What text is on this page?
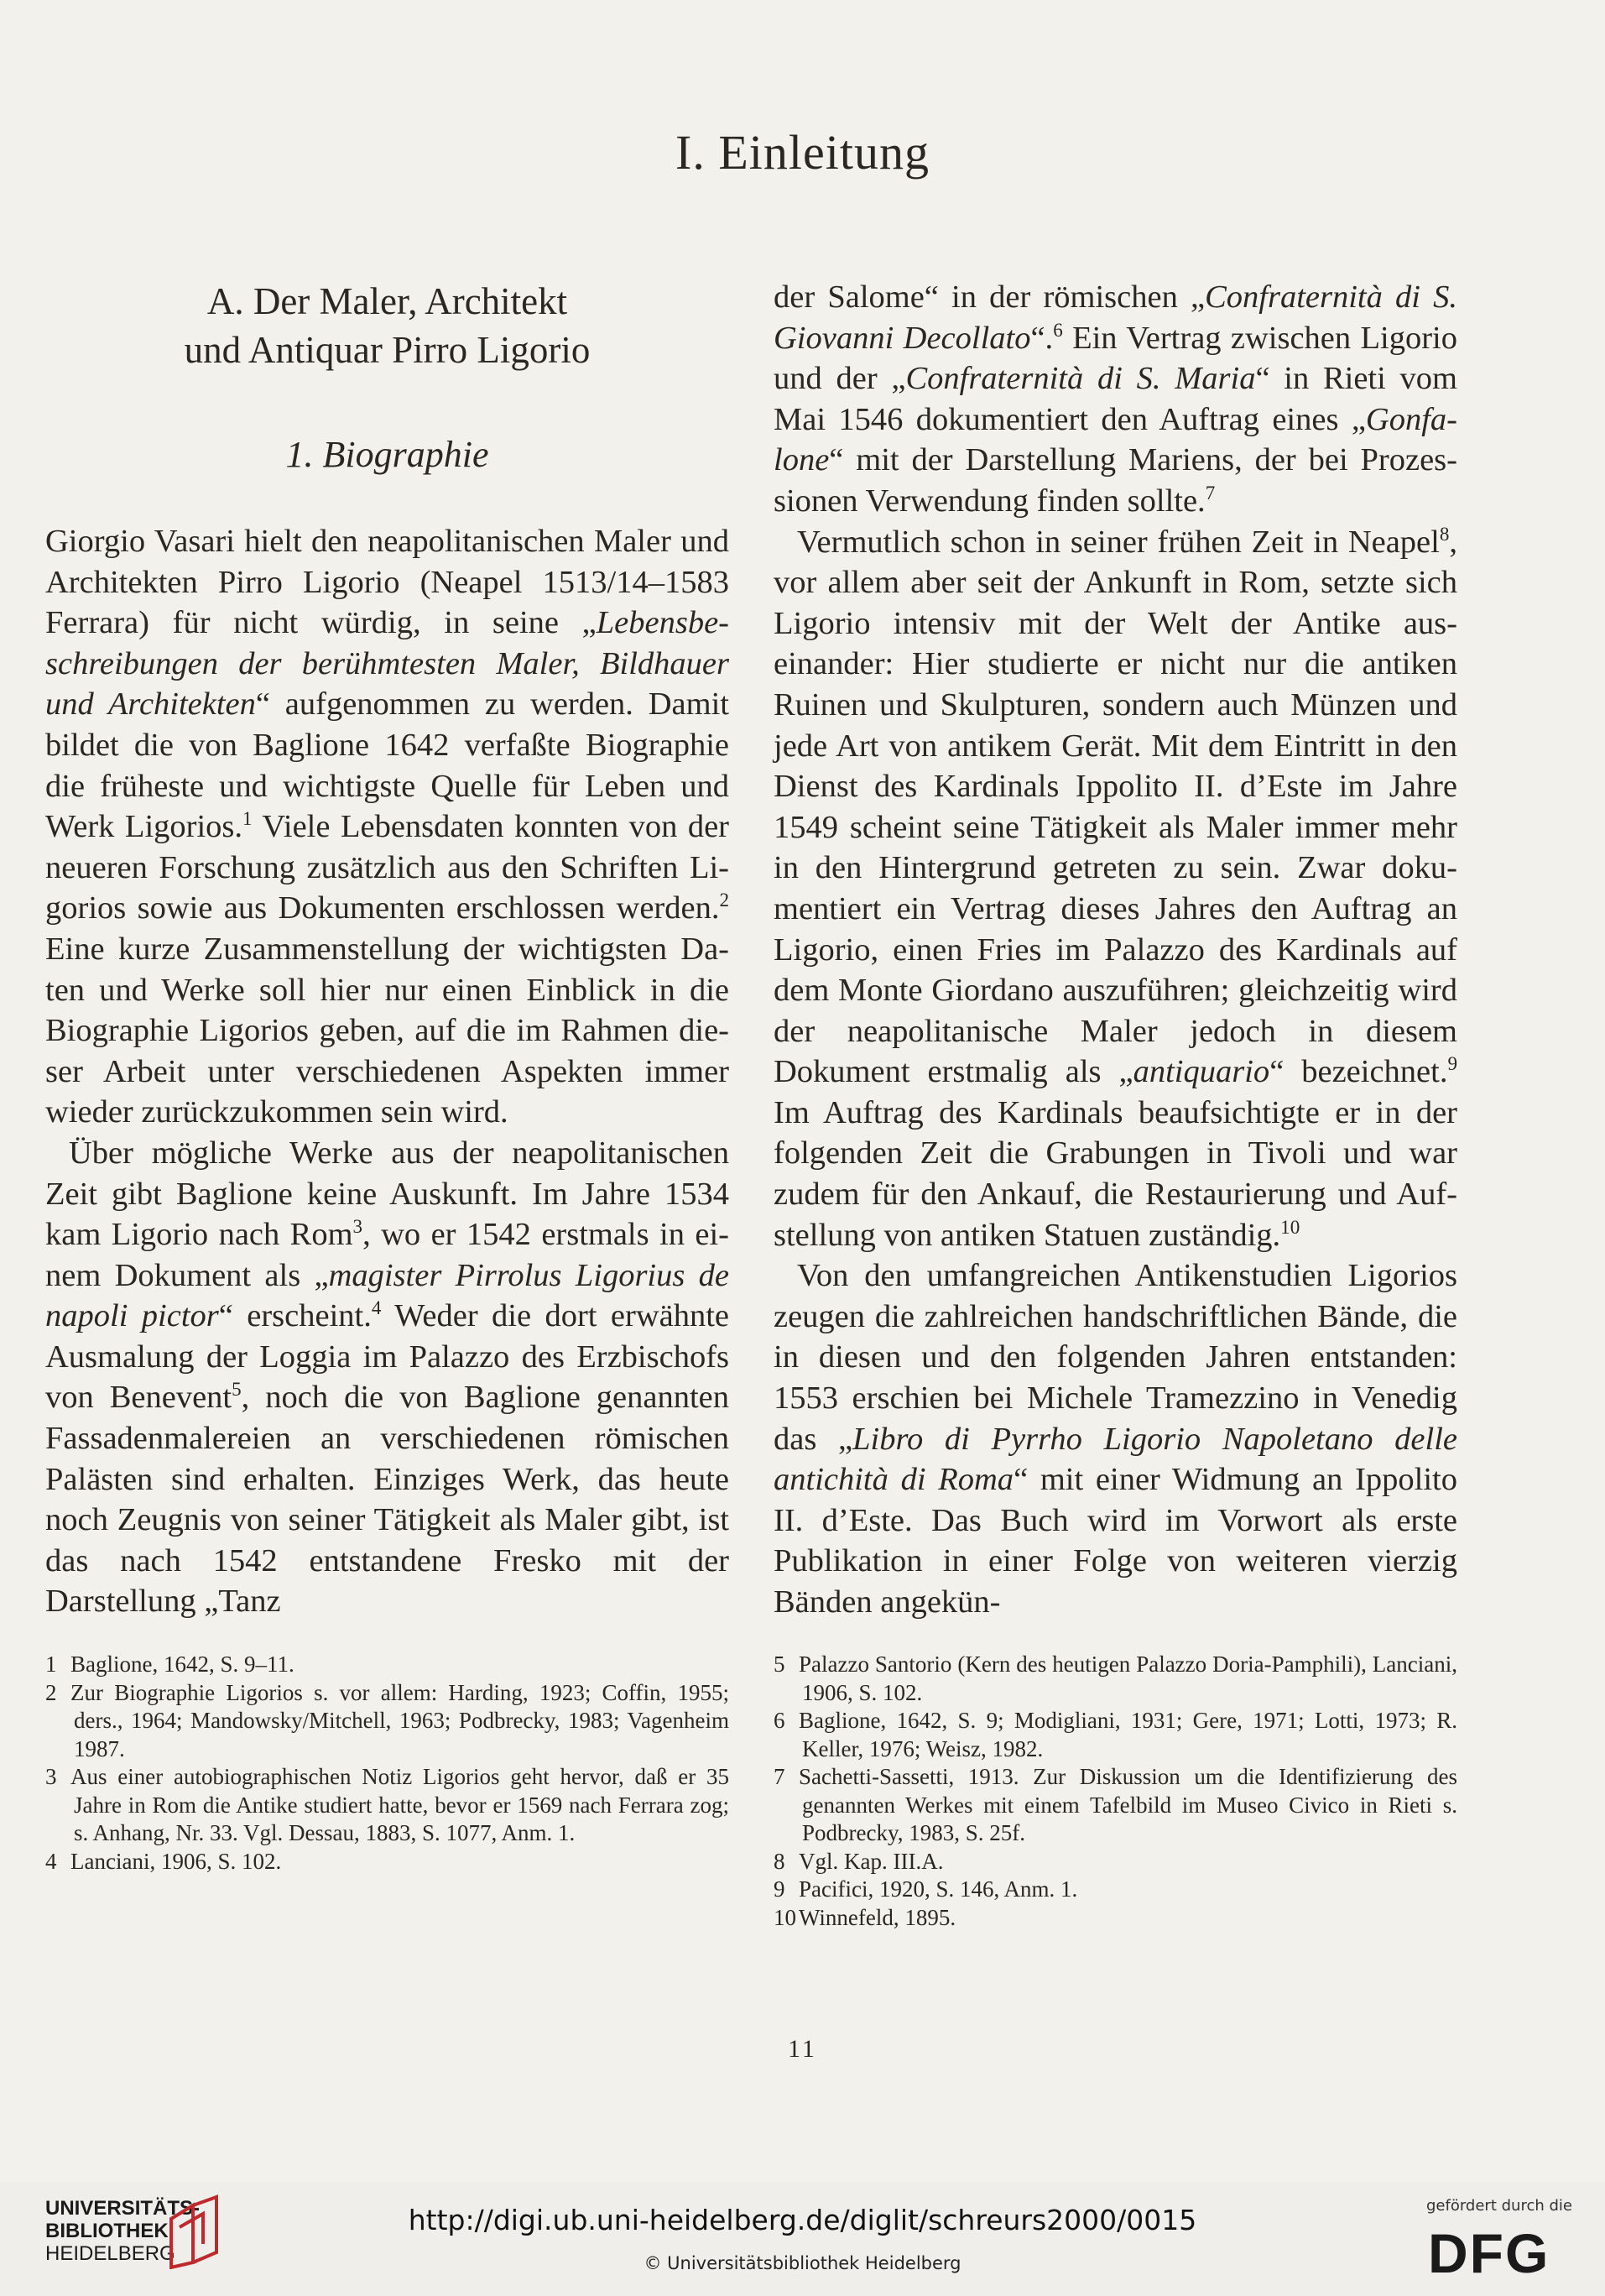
I. Einleitung

A. Der Maler, Architekt

und Antiquar Pirro Ligorio

1. Biographie

Giorgio Vasari hielt den neapolitanischen Maler und Architekten Pirro Ligorio (Neapel 1513/14–1583 Ferrara) für nicht würdig, in seine „Lebensbeschreibungen der berühmtesten Maler, Bildhauer und Architekten“ aufgenommen zu werden. Damit bildet die von Baglione 1642 verfaßte Biographie die früheste und wichtigste Quelle für Leben und Werk Ligorios.$^1$ Viele Lebensdaten konnten von der neueren Forschung zusätzlich aus den Schriften Ligorios sowie aus Dokumenten erschlossen werden.$^2$ Eine kurze Zusammenstellung der wichtigsten Daten und Werke soll hier nur einen Einblick in die Biographie Ligorios geben, auf die im Rahmen dieser Arbeit unter verschiedenen Aspekten immer wieder zurückzukommen sein wird.

Über mögliche Werke aus der neapolitanischen Zeit gibt Baglione keine Auskunft. Im Jahre 1534 kam Ligorio nach Rom$^3$, wo er 1542 erstmals in einem Dokument als „magister Pirrolus Ligorius de napoli pictor“ erscheint.$^4$ Weder die dort erwähnte Ausmalung der Loggia im Palazzo des Erzbischofs von Benevent$^5$, noch die von Baglione genannten Fassadenmalereien an verschiedenen römischen Palästen sind erhalten. Einziges Werk, das heute noch Zeugnis von seiner Tätigkeit als Maler gibt, ist das nach 1542 entstandene Fresko mit der Darstellung „Tanz

der Salome“ in der römischen „Confraternità di S. Giovanni Decollato“.$^6$ Ein Vertrag zwischen Ligorio und der „Confraternità di S. Maria“ in Rieti vom Mai 1546 dokumentiert den Auftrag eines „Gonfalone“ mit der Darstellung Mariens, der bei Prozessionen Verwendung finden sollte.$^7$

Vermutlich schon in seiner frühen Zeit in Neapel$^8$, vor allem aber seit der Ankunft in Rom, setzte sich Ligorio intensiv mit der Welt der Antike auseinander: Hier studierte er nicht nur die antiken Ruinen und Skulpturen, sondern auch Münzen und jede Art von antikem Gerät. Mit dem Eintritt in den Dienst des Kardinals Ippolito II. d’Este im Jahre 1549 scheint seine Tätigkeit als Maler immer mehr in den Hintergrund getreten zu sein. Zwar dokumentiert ein Vertrag dieses Jahres den Auftrag an Ligorio, einen Fries im Palazzo des Kardinals auf dem Monte Giordano auszuführen; gleichzeitig wird der neapolitanische Maler jedoch in diesem Dokument erstmalig als „antiquario“ bezeichnet.$^9$ Im Auftrag des Kardinals beaufsichtigte er in der folgenden Zeit die Grabungen in Tivoli und war zudem für den Ankauf, die Restaurierung und Aufstellung von antiken Statuen zuständig.$^{10}$

Von den umfangreichen Antikenstudien Ligorios zeugen die zahlreichen handschriftlichen Bände, die in diesen und den folgenden Jahren entstanden: 1553 erschien bei Michele Tramezzino in Venedig das „Libro di Pyrrho Ligorio Napoletano delle antichità di Roma“ mit einer Widmung an Ippolito II. d’Este. Das Buch wird im Vorwort als erste Publikation in einer Folge von weiteren vierzig Bänden angekün-

1 Baglione, 1642, S. 9–11.

2 Zur Biographie Ligorios s. vor allem: Harding, 1923; Coffin, 1955; ders., 1964; Mandowsky/Mitchell, 1963; Podbrecky, 1983; Vagenheim 1987.

3 Aus einer autobiographischen Notiz Ligorios geht hervor, daß er 35 Jahre in Rom die Antike studiert hatte, bevor er 1569 nach Ferrara zog; s. Anhang, Nr. 33. Vgl. Dessau, 1883, S. 1077, Anm. 1.

4 Lanciani, 1906, S. 102.

5 Palazzo Santorio (Kern des heutigen Palazzo Doria-Pamphili), Lanciani, 1906, S. 102.

6 Baglione, 1642, S. 9; Modigliani, 1931; Gere, 1971; Lotti, 1973; R. Keller, 1976; Weisz, 1982.

7 Sachetti-Sassetti, 1913. Zur Diskussion um die Identifizierung des genannten Werkes mit einem Tafelbild im Museo Civico in Rieti s. Podbrecky, 1983, S. 25f.

8 Vgl. Kap. III.A.

9 Pacifici, 1920, S. 146, Anm. 1.

10 Winnefeld, 1895.

11
UNIVERSITÄTS-
BIBLIOTHEK
HEIDELBERG
http://digi.ub.uni-heidelberg.de/diglit/schreurs2000/0015
© Universitätsbibliothek Heidelberg
gefördert durch die
DFG
